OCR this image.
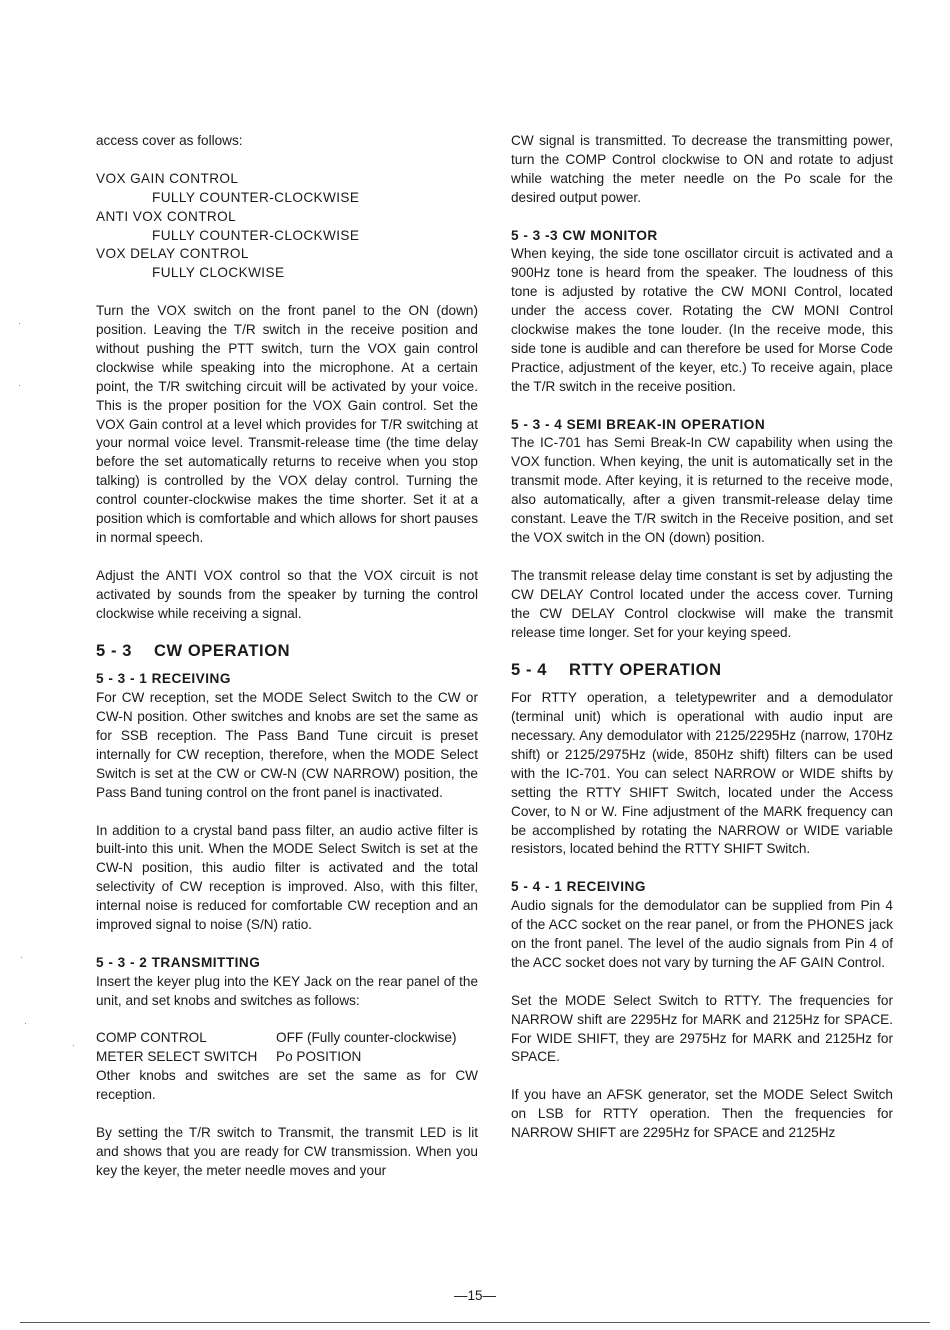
access cover as follows:

VOX GAIN CONTROL

FULLY COUNTER-CLOCKWISE

ANTI VOX CONTROL

FULLY COUNTER-CLOCKWISE

VOX DELAY CONTROL

FULLY CLOCKWISE

Turn the VOX switch on the front panel to the ON (down) position. Leaving the T/R switch in the receive position and without pushing the PTT switch, turn the VOX gain control clockwise while speaking into the microphone. At a certain point, the T/R switching circuit will be activated by your voice. This is the proper position for the VOX Gain control. Set the VOX Gain control at a level which provides for T/R switching at your normal voice level. Transmit-release time (the time delay before the set automatically returns to receive when you stop talking) is controlled by the VOX delay control. Turning the control counter-clockwise makes the time shorter. Set it at a position which is comfortable and which allows for short pauses in normal speech.

Adjust the ANTI VOX control so that the VOX circuit is not activated by sounds from the speaker by turning the control clockwise while receiving a signal.

5 - 3 CW OPERATION

5 - 3 - 1 RECEIVING

For CW reception, set the MODE Select Switch to the CW or CW-N position. Other switches and knobs are set the same as for SSB reception. The Pass Band Tune circuit is preset internally for CW reception, therefore, when the MODE Select Switch is set at the CW or CW-N (CW NARROW) position, the Pass Band tuning control on the front panel is inactivated.

In addition to a crystal band pass filter, an audio active filter is built-into this unit. When the MODE Select Switch is set at the CW-N position, this audio filter is activated and the total selectivity of CW reception is improved. Also, with this filter, internal noise is reduced for comfortable CW reception and an improved signal to noise (S/N) ratio.

5 - 3 - 2 TRANSMITTING

Insert the keyer plug into the KEY Jack on the rear panel of the unit, and set knobs and switches as follows:

COMP CONTROL	OFF (Fully counter-clockwise)
METER SELECT SWITCH	Po POSITION

Other knobs and switches are set the same as for CW reception.

By setting the T/R switch to Transmit, the transmit LED is lit and shows that you are ready for CW transmission. When you key the keyer, the meter needle moves and your

CW signal is transmitted. To decrease the transmitting power, turn the COMP Control clockwise to ON and rotate to adjust while watching the meter needle on the Po scale for the desired output power.

5 - 3 -3 CW MONITOR

When keying, the side tone oscillator circuit is activated and a 900Hz tone is heard from the speaker. The loudness of this tone is adjusted by rotative the CW MONI Control, located under the access cover. Rotating the CW MONI Control clockwise makes the tone louder. (In the receive mode, this side tone is audible and can therefore be used for Morse Code Practice, adjustment of the keyer, etc.) To receive again, place the T/R switch in the receive position.

5 - 3 - 4 SEMI BREAK-IN OPERATION

The IC-701 has Semi Break-In CW capability when using the VOX function. When keying, the unit is automatically set in the transmit mode. After keying, it is returned to the receive mode, also automatically, after a given transmit-release delay time constant. Leave the T/R switch in the Receive position, and set the VOX switch in the ON (down) position.

The transmit release delay time constant is set by adjusting the CW DELAY Control located under the access cover. Turning the CW DELAY Control clockwise will make the transmit release time longer. Set for your keying speed.

5 - 4 RTTY OPERATION

For RTTY operation, a teletypewriter and a demodulator (terminal unit) which is operational with audio input are necessary. Any demodulator with 2125/2295Hz (narrow, 170Hz shift) or 2125/2975Hz (wide, 850Hz shift) filters can be used with the IC-701. You can select NARROW or WIDE shifts by setting the RTTY SHIFT Switch, located under the Access Cover, to N or W. Fine adjustment of the MARK frequency can be accomplished by rotating the NARROW or WIDE variable resistors, located behind the RTTY SHIFT Switch.

5 - 4 - 1 RECEIVING

Audio signals for the demodulator can be supplied from Pin 4 of the ACC socket on the rear panel, or from the PHONES jack on the front panel. The level of the audio signals from Pin 4 of the ACC socket does not vary by turning the AF GAIN Control.

Set the MODE Select Switch to RTTY. The frequencies for NARROW shift are 2295Hz for MARK and 2125Hz for SPACE. For WIDE SHIFT, they are 2975Hz for MARK and 2125Hz for SPACE.

If you have an AFSK generator, set the MODE Select Switch on LSB for RTTY operation. Then the frequencies for NARROW SHIFT are 2295Hz for SPACE and 2125Hz

—15—
·
·
·
·
·
